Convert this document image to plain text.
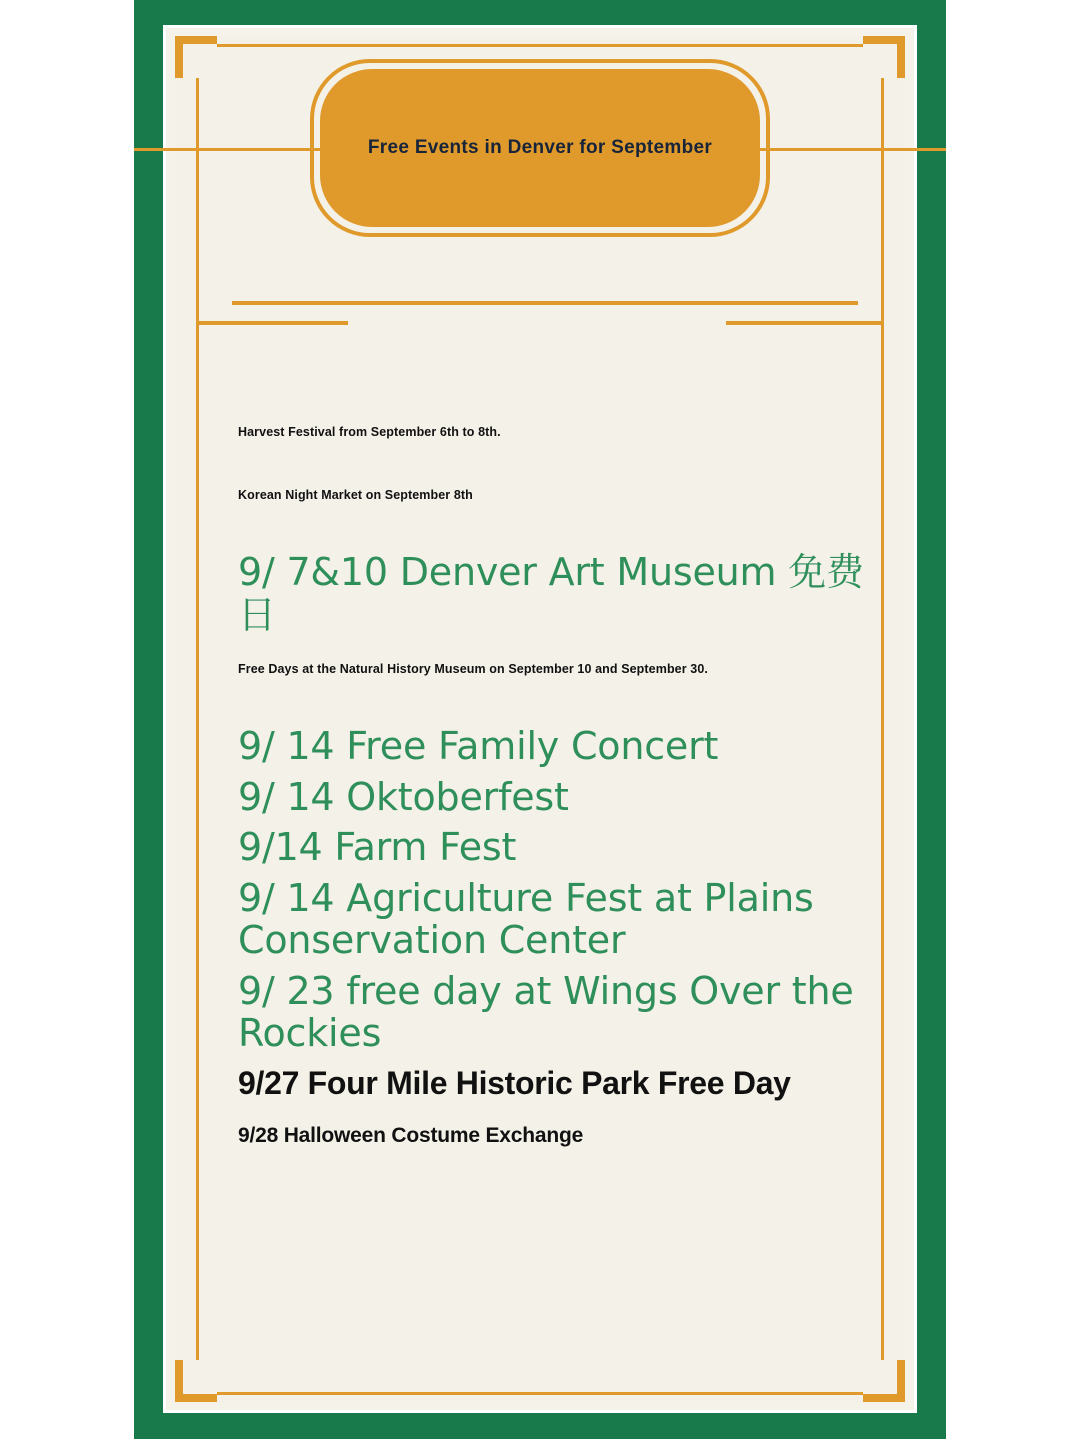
Free Events in Denver for September
Harvest Festival from September 6th to 8th.
Korean Night Market on September 8th
9/ 7&10 Denver Art Museum 免费日
Free Days at the Natural History Museum on September 10 and September 30.
9/ 14 Free Family Concert
9/ 14 Oktoberfest
9/14 Farm Fest
9/ 14 Agriculture Fest at Plains Conservation Center
9/ 23 free day at Wings Over the Rockies
9/27 Four Mile Historic Park Free Day
9/28 Halloween Costume Exchange
